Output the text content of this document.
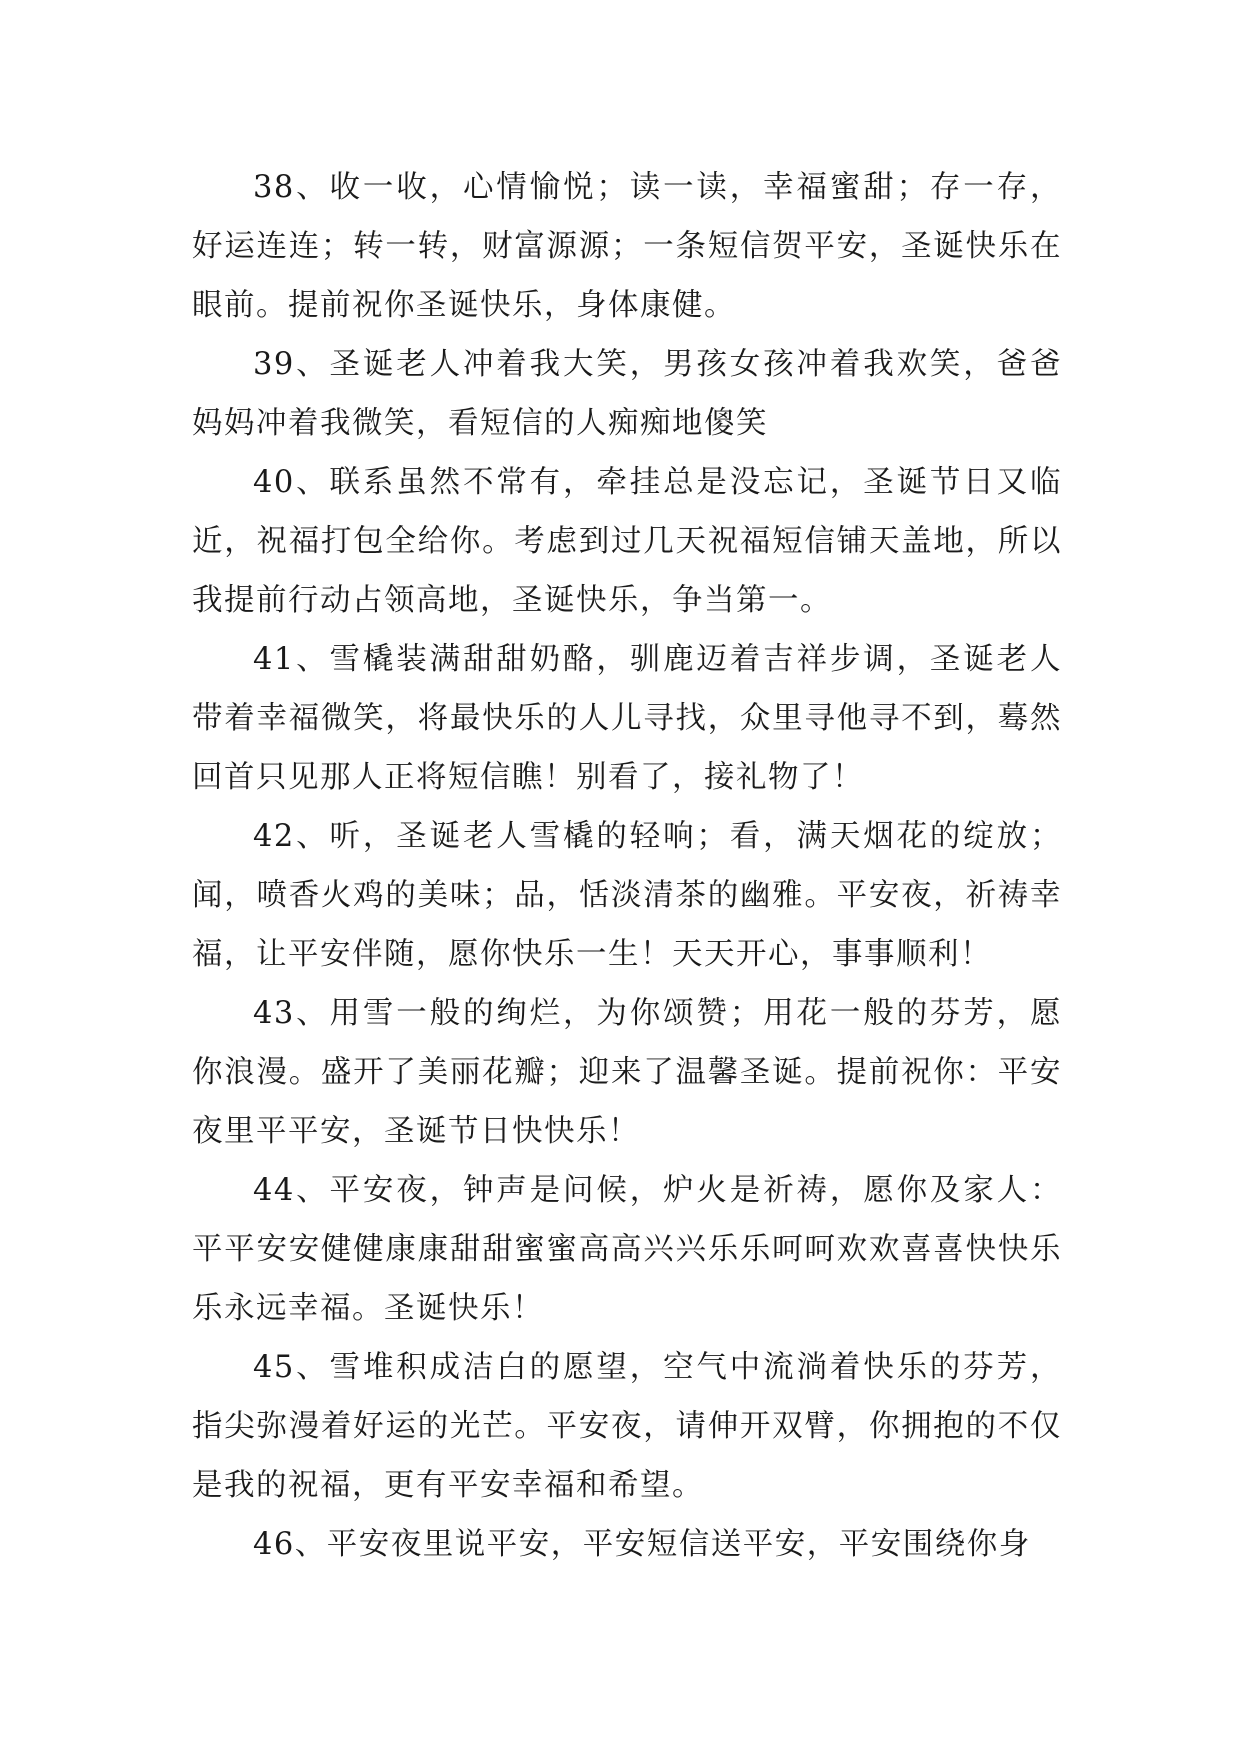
38、收一收，心情愉悦；读一读，幸福蜜甜；存一存，好运连连；转一转，财富源源；一条短信贺平安，圣诞快乐在眼前。提前祝你圣诞快乐，身体康健。

39、圣诞老人冲着我大笑，男孩女孩冲着我欢笑，爸爸妈妈冲着我微笑，看短信的人痴痴地傻笑

40、联系虽然不常有，牵挂总是没忘记，圣诞节日又临近，祝福打包全给你。考虑到过几天祝福短信铺天盖地，所以我提前行动占领高地，圣诞快乐，争当第一。

41、雪橇装满甜甜奶酪，驯鹿迈着吉祥步调，圣诞老人带着幸福微笑，将最快乐的人儿寻找，众里寻他寻不到，蓦然回首只见那人正将短信瞧！别看了，接礼物了！

42、听，圣诞老人雪橇的轻响；看，满天烟花的绽放；闻，喷香火鸡的美味；品，恬淡清茶的幽雅。平安夜，祈祷幸福，让平安伴随，愿你快乐一生！天天开心，事事顺利！

43、用雪一般的绚烂，为你颂赞；用花一般的芬芳，愿你浪漫。盛开了美丽花瓣；迎来了温馨圣诞。提前祝你：平安夜里平平安，圣诞节日快快乐！

44、平安夜，钟声是问候，炉火是祈祷，愿你及家人：平平安安健健康康甜甜蜜蜜高高兴兴乐乐呵呵欢欢喜喜快快乐乐永远幸福。圣诞快乐！

45、雪堆积成洁白的愿望，空气中流淌着快乐的芬芳，指尖弥漫着好运的光芒。平安夜，请伸开双臂，你拥抱的不仅是我的祝福，更有平安幸福和希望。

46、平安夜里说平安，平安短信送平安，平安围绕你身
